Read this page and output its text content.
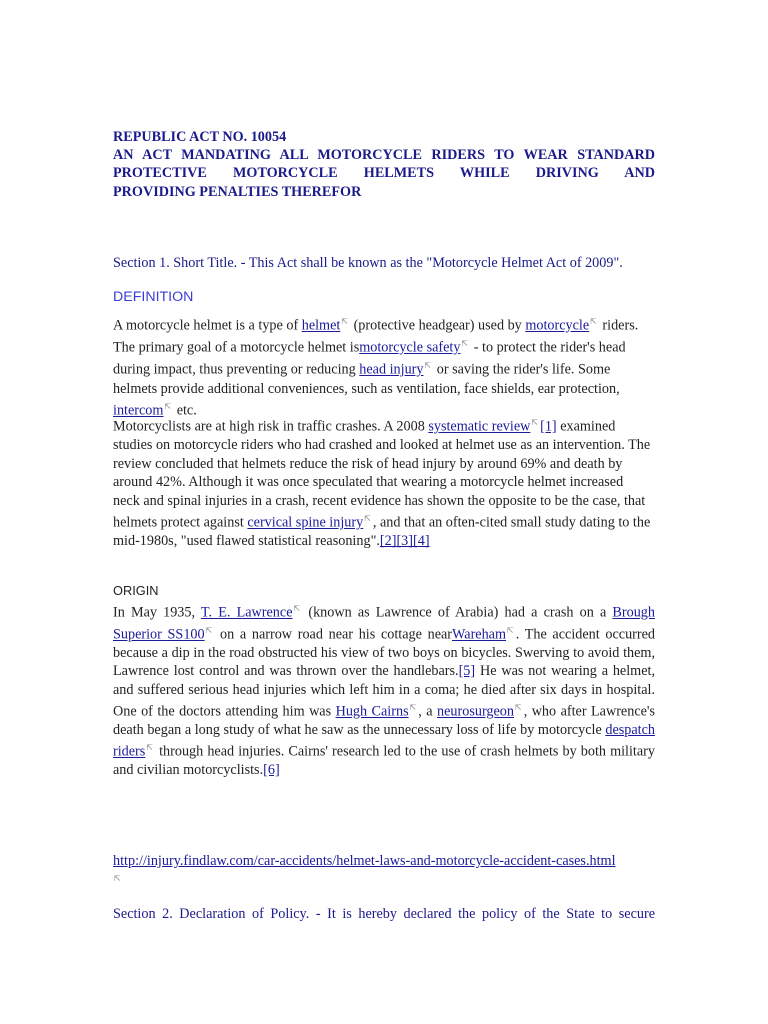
REPUBLIC ACT NO. 10054
AN ACT MANDATING ALL MOTORCYCLE RIDERS TO WEAR STANDARD
PROTECTIVE MOTORCYCLE HELMETS WHILE DRIVING AND
PROVIDING PENALTIES THEREFOR
Section 1. Short Title. - This Act shall be known as the "Motorcycle Helmet Act of 2009".
DEFINITION
A motorcycle helmet is a type of helmet⇱ (protective headgear) used by motorcycle⇱ riders. The primary goal of a motorcycle helmet ismotorcycle safety⇱ - to protect the rider's head during impact, thus preventing or reducing head injury⇱ or saving the rider's life. Some helmets provide additional conveniences, such as ventilation, face shields, ear protection, intercom⇱ etc.
Motorcyclists are at high risk in traffic crashes. A 2008 systematic review⇱ [1] examined studies on motorcycle riders who had crashed and looked at helmet use as an intervention. The review concluded that helmets reduce the risk of head injury by around 69% and death by around 42%. Although it was once speculated that wearing a motorcycle helmet increased neck and spinal injuries in a crash, recent evidence has shown the opposite to be the case, that helmets protect against cervical spine injury⇱ , and that an often-cited small study dating to the mid-1980s, "used flawed statistical reasoning".[2][3][4]
ORIGIN
In May 1935, T. E. Lawrence⇱ (known as Lawrence of Arabia) had a crash on a Brough Superior SS100⇱ on a narrow road near his cottage nearWareham⇱ . The accident occurred because a dip in the road obstructed his view of two boys on bicycles. Swerving to avoid them, Lawrence lost control and was thrown over the handlebars.[5] He was not wearing a helmet, and suffered serious head injuries which left him in a coma; he died after six days in hospital. One of the doctors attending him was Hugh Cairns⇱ , a neurosurgeon⇱ , who after Lawrence's death began a long study of what he saw as the unnecessary loss of life by motorcycle despatch riders⇱ through head injuries. Cairns' research led to the use of crash helmets by both military and civilian motorcyclists.[6]
http://injury.findlaw.com/car-accidents/helmet-laws-and-motorcycle-accident-cases.html
⇱
Section 2. Declaration of Policy. - It is hereby declared the policy of the State to secure
